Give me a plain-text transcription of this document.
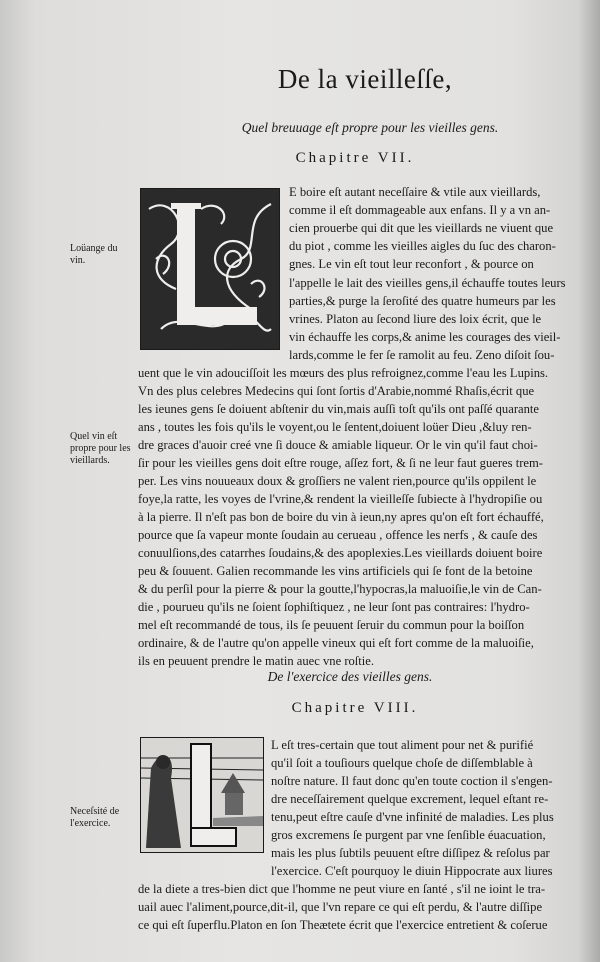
De la vieilleſſe,
Quel breuuage eſt propre pour les vieilles gens.
Chapitre VII.
E boire eſt autant neceſſaire & vtile aux vieillards,
comme il eſt dommageable aux enfans. Il y a vn an-
cien prouerbe qui dit que les vieillards ne viuent que
du piot , comme les vieilles aigles du ſuc des charon-
gnes. Le vin eſt tout leur reconfort , & pource on
l'appelle le lait des vieilles gens,il échauffe toutes leurs
parties,& purge la ſeroſité des quatre humeurs par les
vrines. Platon au ſecond liure des loix écrit, que le
vin échauffe les corps,& anime les courages des vieil-
lards,comme le fer ſe ramolit au feu. Zeno diſoit ſou-
uent que le vin adouciſſoit les mœurs des plus refroignez,comme l'eau les Lupins.
Vn des plus celebres Medecins qui ſont ſortis d'Arabie,nommé Rhaſis,écrit que
les ieunes gens ſe doiuent abſtenir du vin,mais auſſi toſt qu'ils ont paſſé quarante
ans , toutes les fois qu'ils le voyent,ou le ſentent,doiuent loüer Dieu ,&luy ren-
dre graces d'auoir creé vne ſi douce & amiable liqueur. Or le vin qu'il faut choi-
ſir pour les vieilles gens doit eſtre rouge, aſſez fort, & ſi ne leur faut gueres trem-
per. Les vins nouueaux doux & groſſiers ne valent rien,pource qu'ils oppilent le
foye,la ratte, les voyes de l'vrine,& rendent la vieilleſſe ſubiecte à l'hydropiſie ou
à la pierre. Il n'eſt pas bon de boire du vin à ieun,ny apres qu'on eſt fort échauffé,
pource que ſa vapeur monte ſoudain au cerueau , offence les nerfs , & cauſe des
conuulſions,des catarrhes ſoudains,& des apoplexies.Les vieillards doiuent boire
peu & ſouuent. Galien recommande les vins artificiels qui ſe font de la betoine
& du perſil pour la pierre & pour la goutte,l'hypocras,la maluoiſie,le vin de Can-
die , pourueu qu'ils ne ſoient ſophiſtiquez , ne leur ſont pas contraires: l'hydro-
mel eſt recommandé de tous, ils ſe peuuent ſeruir du commun pour la boiſſon
ordinaire, & de l'autre qu'on appelle vineux qui eſt fort comme de la maluoiſie,
ils en peuuent prendre le matin auec vne roſtie.
Loüange du vin.
Quel vin eſt propre pour les vieillards.
De l'exercice des vieilles gens.
Chapitre VIII.
L eſt tres-certain que tout aliment pour net & purifié
qu'il ſoit a touſiours quelque choſe de diſſemblable à
noſtre nature. Il faut donc qu'en toute coction il s'engen-
dre neceſſairement quelque excrement, lequel eſtant re-
tenu,peut eſtre cauſe d'vne infinité de maladies. Les plus
gros excremens ſe purgent par vne ſenſible éuacuation,
mais les plus ſubtils peuuent eſtre diſſipez & reſolus par
l'exercice. C'eſt pourquoy le diuin Hippocrate aux liures
de la diete a tres-bien dict que l'homme ne peut viure en ſanté , s'il ne ioint le tra-
uail auec l'aliment,pource,dit-il, que l'vn repare ce qui eſt perdu, & l'autre diſſipe
ce qui eſt ſuperflu.Platon en ſon Theætete écrit que l'exercice entretient & coſerue
Neceſsité de l'exercice.
